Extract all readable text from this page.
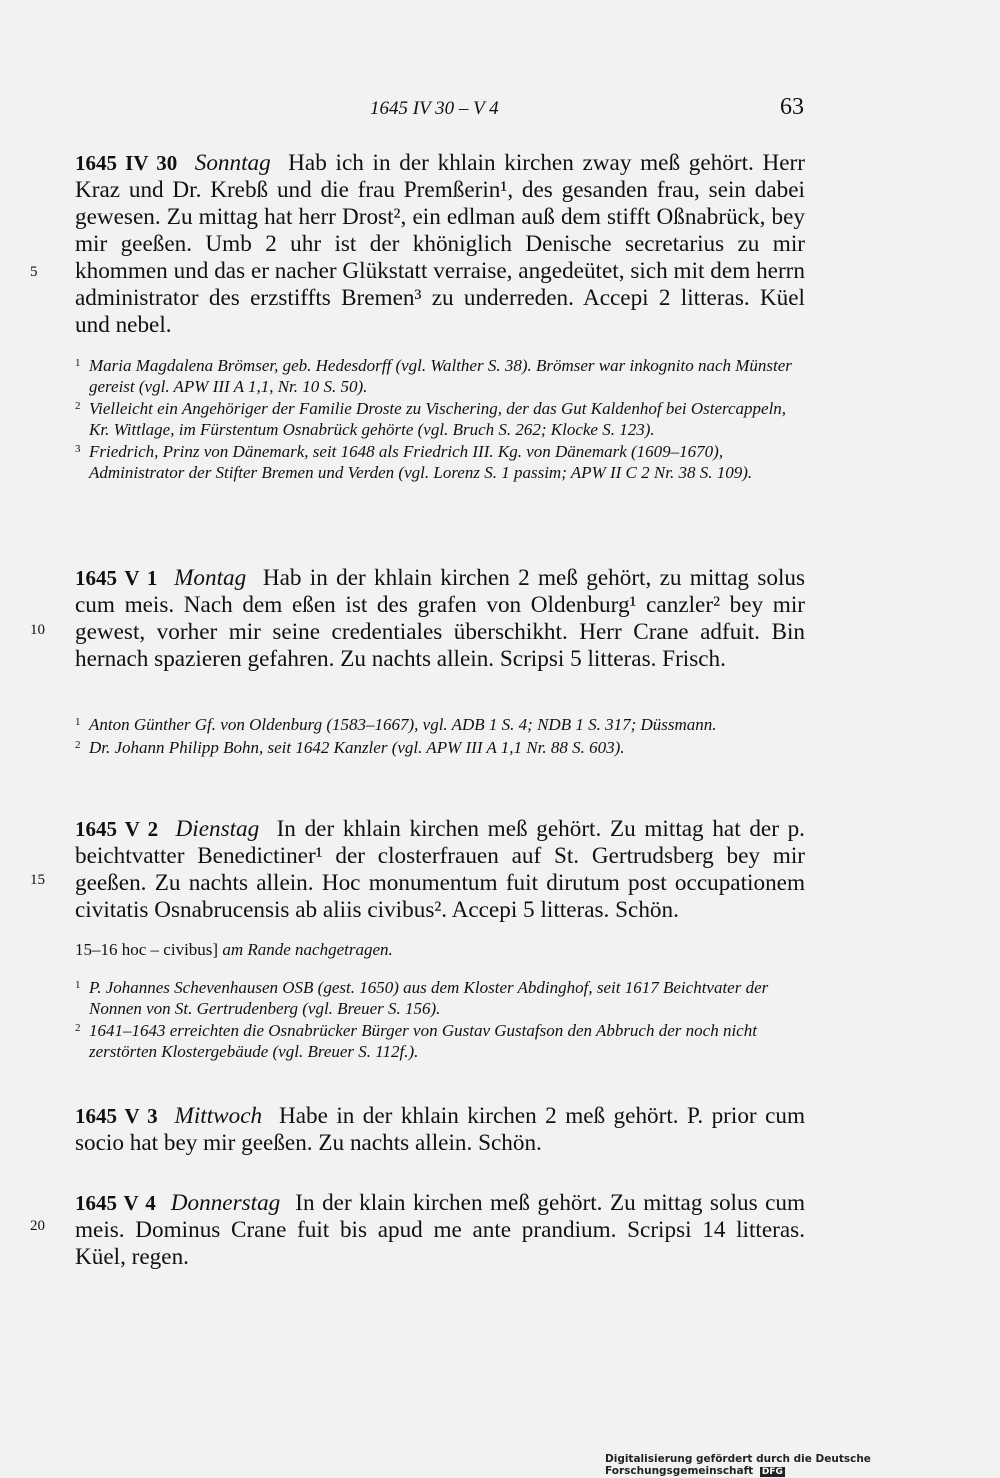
1645 IV 30 – V 4	63
5
10
15
20

1645 IV 30 Sonntag Hab ich in der khlain kirchen zway meß gehört. Herr Kraz und Dr. Krebß und die frau Premßerin¹, des gesanden frau, sein dabei gewesen. Zu mittag hat herr Drost², ein edlman auß dem stifft Oßnabrück, bey mir geeßen. Umb 2 uhr ist der khöniglich Denische secretarius zu mir khommen und das er nacher Glükstatt verraise, angedeütet, sich mit dem herrn administrator des erzstiffts Bremen³ zu underreden. Accepi 2 litteras. Küel und nebel.

1 Maria Magdalena Brömser, geb. Hedesdorff (vgl. Walther S. 38). Brömser war inkognito nach Münster gereist (vgl. APW III A 1,1, Nr. 10 S. 50).

2 Vielleicht ein Angehöriger der Familie Droste zu Vischering, der das Gut Kaldenhof bei Ostercappeln, Kr. Wittlage, im Fürstentum Osnabrück gehörte (vgl. Bruch S. 262; Klocke S. 123).

3 Friedrich, Prinz von Dänemark, seit 1648 als Friedrich III. Kg. von Dänemark (1609–1670), Administrator der Stifter Bremen und Verden (vgl. Lorenz S. 1 passim; APW II C 2 Nr. 38 S. 109).

1645 V 1 Montag Hab in der khlain kirchen 2 meß gehört, zu mittag solus cum meis. Nach dem eßen ist des grafen von Oldenburg¹ canzler² bey mir gewest, vorher mir seine credentiales überschikht. Herr Crane adfuit. Bin hernach spazieren gefahren. Zu nachts allein. Scripsi 5 litteras. Frisch.

1 Anton Günther Gf. von Oldenburg (1583–1667), vgl. ADB 1 S. 4; NDB 1 S. 317; Düssmann.

2 Dr. Johann Philipp Bohn, seit 1642 Kanzler (vgl. APW III A 1,1 Nr. 88 S. 603).

1645 V 2 Dienstag In der khlain kirchen meß gehört. Zu mittag hat der p. beichtvatter Benedictiner¹ der closterfrauen auf St. Gertrudsberg bey mir geeßen. Zu nachts allein. Hoc monumentum fuit dirutum post occupationem civitatis Osnabrucensis ab aliis civibus². Accepi 5 litteras. Schön.

15–16 hoc – civibus] am Rande nachgetragen.

1 P. Johannes Schevenhausen OSB (gest. 1650) aus dem Kloster Abdinghof, seit 1617 Beichtvater der Nonnen von St. Gertrudenberg (vgl. Breuer S. 156).

2 1641–1643 erreichten die Osnabrücker Bürger von Gustav Gustafson den Abbruch der noch nicht zerstörten Klostergebäude (vgl. Breuer S. 112f.).

1645 V 3 Mittwoch Habe in der khlain kirchen 2 meß gehört. P. prior cum socio hat bey mir geeßen. Zu nachts allein. Schön.

1645 V 4 Donnerstag In der klain kirchen meß gehört. Zu mittag solus cum meis. Dominus Crane fuit bis apud me ante prandium. Scripsi 14 litteras. Küel, regen.

Digitalisierung gefördert durch die Deutsche Forschungsgemeinschaft DFG
